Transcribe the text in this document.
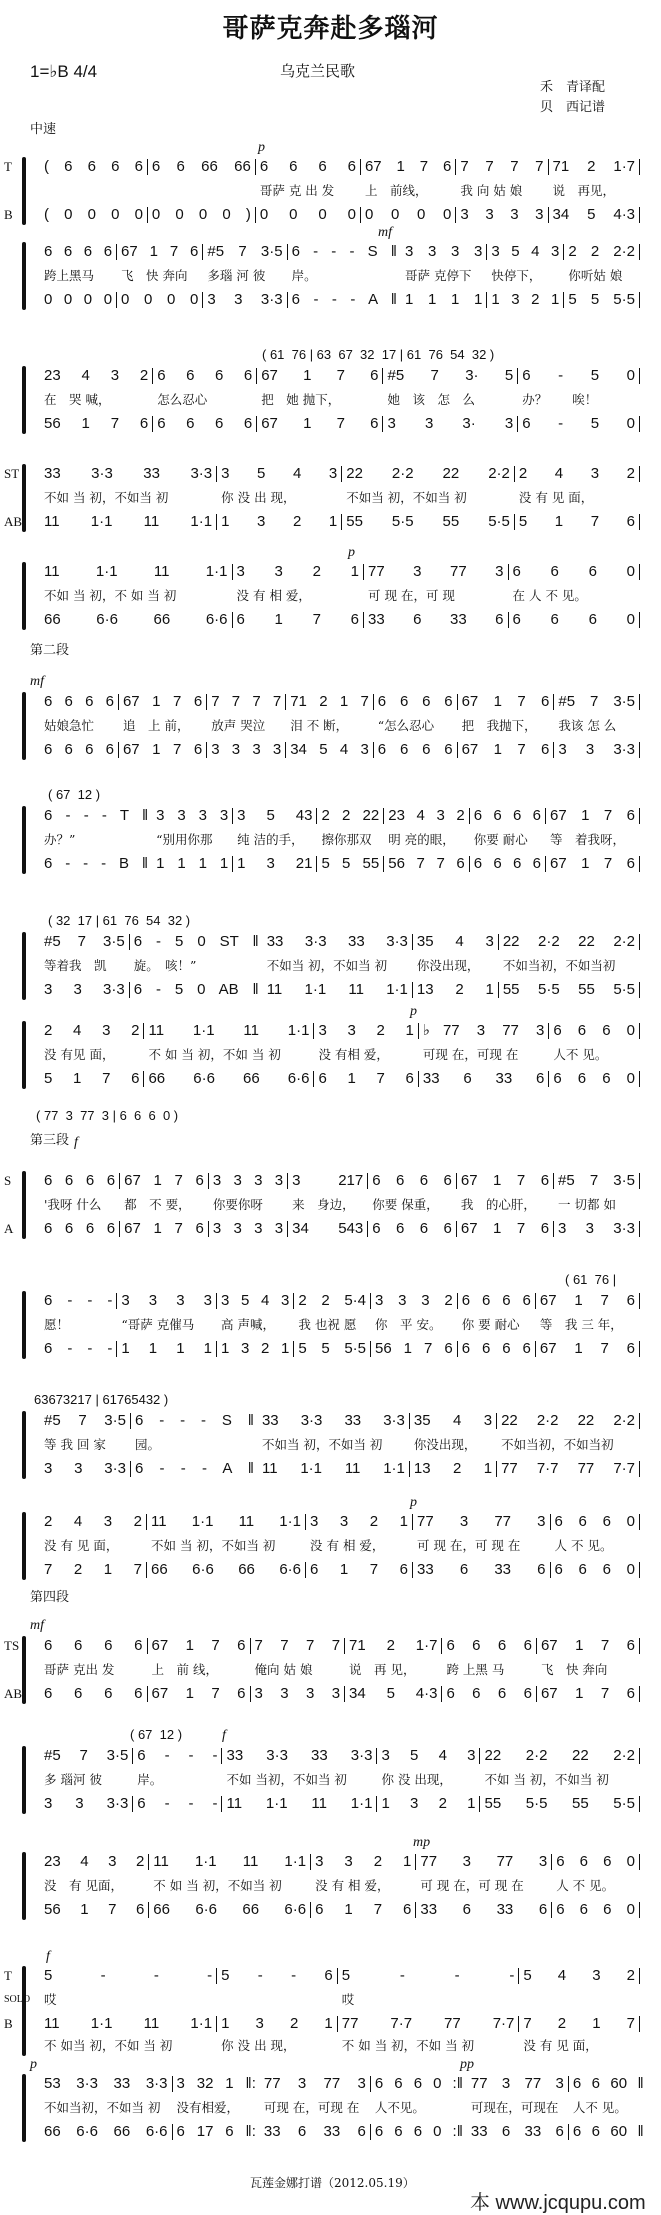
哥萨克奔赴多瑙河
1=♭B 4/4	乌克兰民歌
禾　青译配
贝　西记谱
中速
第二段
第三段
第四段
T
B
( 6 6 6 6 6 6 66 66 6 6 6 6 67 1 7 6 7 7 7 7 71 2 1·7
哥萨 克 出 发	上　前线，	我 向 姑 娘	说　再见，
( 0 0 0 0 0 0 0 0 ) 0 0 0 0 0 0 0 0 3 3 3 3 34 5 4·3
p
6 6 6 6 67 1 7 6 #5 7 3·5 6 - - - S ‖ 3 3 3 3 3 5 4 3 2 2 2·2
跨上黑马	飞　快 奔向	多瑙 河 彼	岸。	哥萨 克停下	快停下，	你听姑 娘
0 0 0 0 0 0 0 0 3 3 3·3 6 - - - A ‖ 1 1 1 1 1 3 2 1 5 5 5·5
mf
23 4 3 2 6 6 6 6 67 1 7 6 #5 7 3· 5 6 - 5 0
在　哭 喊，	怎么忍心	把　她 抛下，	她　该　怎　么	办？　　唉！
56 1 7 6 6 6 6 6 67 1 7 6 3 3 3· 3 6 - 5 0
( 61  76 | 63  67  32  17 | 61  76  54  32 )
ST
AB
33 3·3 33 3·3 3 5 4 3 22 2·2 22 2·2 2 4 3 2
不如 当 初，不如当 初	你 没 出 现，	不如当 初，不如当 初	没 有 见 面，
11 1·1 11 1·1 1 3 2 1 55 5·5 55 5·5 5 1 7 6
11 1·1 11 1·1 3 3 2 1 77 3 77 3 6 6 6 0
不如 当 初，不 如 当 初	没 有 相 爱，	可 现 在，可 现	在 人 不 见。
66 6·6 66 6·6 6 1 7 6 33 6 33 6 6 6 6 0
p
6 6 6 6 67 1 7 6 7 7 7 7 71 2 1 7 6 6 6 6 67 1 7 6 #5 7 3·5
姑娘急忙	追　上 前，	放声 哭泣	泪 不 断，	“怎么忍心	把　我抛下，	我该 怎 么
6 6 6 6 67 1 7 6 3 3 3 3 34 5 4 3 6 6 6 6 67 1 7 6 3 3 3·3
mf
6 - - - T ‖ 3 3 3 3 3 5 43 2 2 22 23 4 3 2 6 6 6 6 67 1 7 6
办？”	“别用你那	纯 洁的手，	擦你那双	明 亮的眼，	你要 耐心	等　着我呀，
6 - - - B ‖ 1 1 1 1 1 3 21 5 5 55 56 7 7 6 6 6 6 6 67 1 7 6
( 67  12 )
#5 7 3·5 6 - 5 0 ST ‖ 33 3·3 33 3·3 35 4 3 22 2·2 22 2·2
等着我　凯	旋。　咳！”	不如当 初，不如当 初	你没出现，	不如当初，不如当初
3 3 3·3 6 - 5 0 AB ‖ 11 1·1 11 1·1 13 2 1 55 5·5 55 5·5
( 32  17 | 61  76  54  32 )
2 4 3 2 11 1·1 11 1·1 3 3 2 1 ♭77 3 77 3 6 6 6 0
没 有见 面，	不 如 当 初，不如 当 初	没 有相 爱，	可现 在，可现 在	人不 见。
5 1 7 6 66 6·6 66 6·6 6 1 7 6 33 6 33 6 6 6 6 0
p
S
A
6 6 6 6 67 1 7 6 3 3 3 3 3 217 6 6 6 6 67 1 7 6 #5 7 3·5
'我呀 什么	都　不 要，	你要你呀	来　身边，	你要 保重，	我　的心肝，	一 切都 如
6 6 6 6 67 1 7 6 3 3 3 3 34 543 6 6 6 6 67 1 7 6 3 3 3·3
( 77  3  77  3 | 6  6  6  0 )
f
6 - - - 3 3 3 3 3 5 4 3 2 2 5·4 3 3 3 2 6 6 6 6 67 1 7 6
愿！	“哥萨 克催马	高 声喊，	我 也祝 愿	你　平 安。	你 要 耐心	等　我 三 年，
6 - - - 1 1 1 1 1 3 2 1 5 5 5·5 56 1 7 6 6 6 6 6 67 1 7 6
( 61  76 |
#5 7 3·5 6 - - - S ‖ 33 3·3 33 3·3 35 4 3 22 2·2 22 2·2
等 我 回 家	园。	不如当 初，不如当 初	你没出现，	不如当初，不如当初
3 3 3·3 6 - - - A ‖ 11 1·1 11 1·1 13 2 1 77 7·7 77 7·7
63673217 | 61765432 )
2 4 3 2 11 1·1 11 1·1 3 3 2 1 77 3 77 3 6 6 6 0
没 有 见 面，	不如 当 初，不如当 初	没 有 相 爱，	可 现 在，可 现 在	人 不 见。
7 2 1 7 66 6·6 66 6·6 6 1 7 6 33 6 33 6 6 6 6 0
p
TS
AB
6 6 6 6 67 1 7 6 7 7 7 7 71 2 1·7 6 6 6 6 67 1 7 6
哥萨 克出 发	上　前 线，	俺向 姑 娘	说　再 见，	跨 上黑 马	飞　快 奔向
6 6 6 6 67 1 7 6 3 3 3 3 34 5 4·3 6 6 6 6 67 1 7 6
mf
#5 7 3·5 6 - - - 33 3·3 33 3·3 3 5 4 3 22 2·2 22 2·2
多 瑙河 彼	岸。	不如 当初，不如当 初	你 没 出现，	不如 当 初，不如当 初
3 3 3·3 6 - - - 11 1·1 11 1·1 1 3 2 1 55 5·5 55 5·5
( 67  12 )	f
23 4 3 2 11 1·1 11 1·1 3 3 2 1 77 3 77 3 6 6 6 0
没　有 见面，	不 如 当 初，不如当 初	没 有 相 爱，	可 现 在，可 现 在	人 不 见。
56 1 7 6 66 6·6 66 6·6 6 1 7 6 33 6 33 6 6 6 6 0
mp
T
SOLO
B
5 - - - 5 - - 6 5 - - - 5 4 3 2
哎	哎
11 1·1 11 1·1 1 3 2 1 77 7·7 77 7·7 7 2 1 7
不 如当 初，不如 当 初	你 没 出 现，	不 如 当 初，不如 当 初	没 有 见 面，
f
53 3·3 33 3·3 3 32 1 ‖: 77 3 77 3 6 6 6 0 :‖ 77 3 77 3 6 6 60 ‖
不如当初，不如当 初	没有相爱，	可现 在，可现 在	人不见。	可现在，可现在	人不 见。
66 6·6 66 6·6 6 17 6 ‖: 33 6 33 6 6 6 6 0 :‖ 33 6 33 6 6 6 60 ‖
p	pp
瓦莲金娜打谱（2012.05.19）
本 www.jcqupu.com
